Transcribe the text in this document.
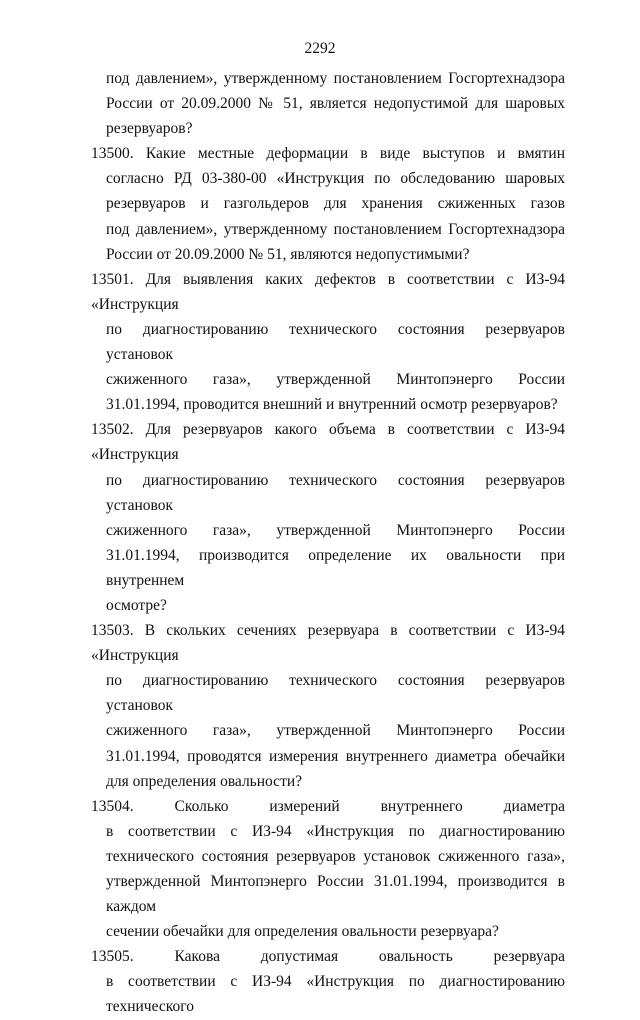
2292
под давлением», утвержденному постановлением Госгортехнадзора
России от 20.09.2000 № 51, является недопустимой для шаровых
резервуаров?
13500. Какие местные деформации в виде выступов и вмятин
согласно РД 03-380-00 «Инструкция по обследованию шаровых
резервуаров и газгольдеров для хранения сжиженных газов
под давлением», утвержденному постановлением Госгортехнадзора
России от 20.09.2000 № 51, являются недопустимыми?
13501. Для выявления каких дефектов в соответствии с ИЗ-94 «Инструкция
по диагностированию технического состояния резервуаров установок
сжиженного газа», утвержденной Минтопэнерго России
31.01.1994, проводится внешний и внутренний осмотр резервуаров?
13502. Для резервуаров какого объема в соответствии с ИЗ-94 «Инструкция
по диагностированию технического состояния резервуаров установок
сжиженного газа», утвержденной Минтопэнерго России
31.01.1994, производится определение их овальности при внутреннем
осмотре?
13503. В скольких сечениях резервуара в соответствии с ИЗ-94 «Инструкция
по диагностированию технического состояния резервуаров установок
сжиженного газа», утвержденной Минтопэнерго России
31.01.1994, проводятся измерения внутреннего диаметра обечайки
для определения овальности?
13504.	Сколько измерений внутреннего диаметра
в соответствии с ИЗ-94 «Инструкция по диагностированию
технического состояния резервуаров установок сжиженного газа»,
утвержденной Минтопэнерго России 31.01.1994, производится в каждом
сечении обечайки для определения овальности резервуара?
13505.	Какова допустимая овальность резервуара
в соответствии с ИЗ-94 «Инструкция по диагностированию технического
